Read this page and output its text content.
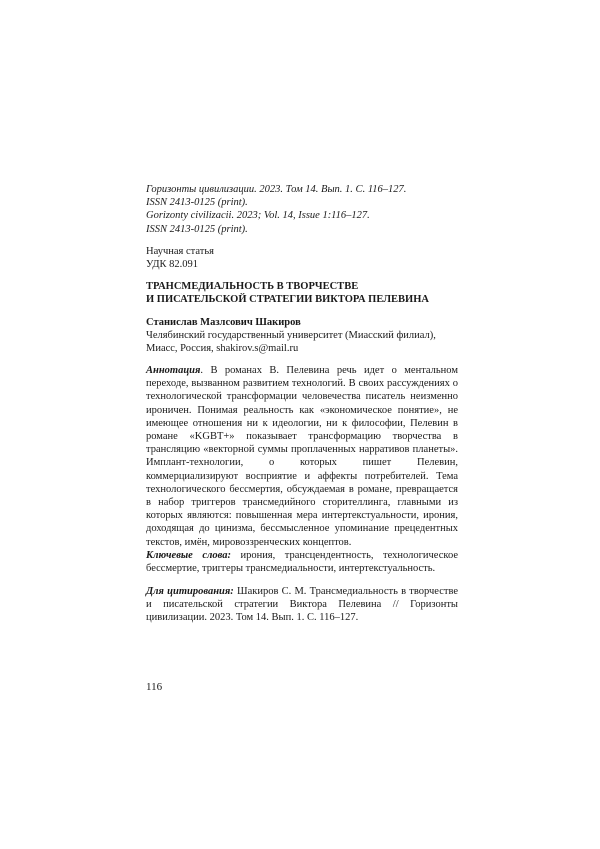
Горизонты цивилизации. 2023. Том 14. Вып. 1. С. 116–127.
ISSN 2413-0125 (print).
Gorizonty civilizacii. 2023; Vol. 14, Issue 1:116–127.
ISSN 2413-0125 (print).
Научная статья
УДК 82.091
ТРАНСМЕДИАЛЬНОСТЬ В ТВОРЧЕСТВЕ
И ПИСАТЕЛЬСКОЙ СТРАТЕГИИ ВИКТОРА ПЕЛЕВИНА
Станислав Мазлсович Шакиров
Челябинский государственный университет (Миасский филиал),
Миасс, Россия, shakirov.s@mail.ru
Аннотация. В романах В. Пелевина речь идет о ментальном переходе, вызванном развитием технологий. В своих рассуждениях о технологической трансформации человечества писатель неизменно ироничен. Понимая реальность как «экономическое понятие», не имеющее отношения ни к идеологии, ни к философии, Пелевин в романе «KGBT+» показывает трансформацию творчества в трансляцию «векторной суммы проплаченных нарративов планеты». Имплант-технологии, о которых пишет Пелевин, коммерциализируют восприятие и аффекты потребителей. Тема технологического бессмертия, обсуждаемая в романе, превращается в набор триггеров трансмедийного сторителлинга, главными из которых являются: повышенная мера интертекстуальности, ирония, доходящая до цинизма, бессмысленное упоминание прецедентных текстов, имён, мировоззренческих концептов.
Ключевые слова: ирония, трансцендентность, технологическое бессмертие, триггеры трансмедиальности, интертекстуальность.
Для цитирования: Шакиров С. М. Трансмедиальность в творчестве и писательской стратегии Виктора Пелевина // Горизонты цивилизации. 2023. Том 14. Вып. 1. С. 116–127.
116
